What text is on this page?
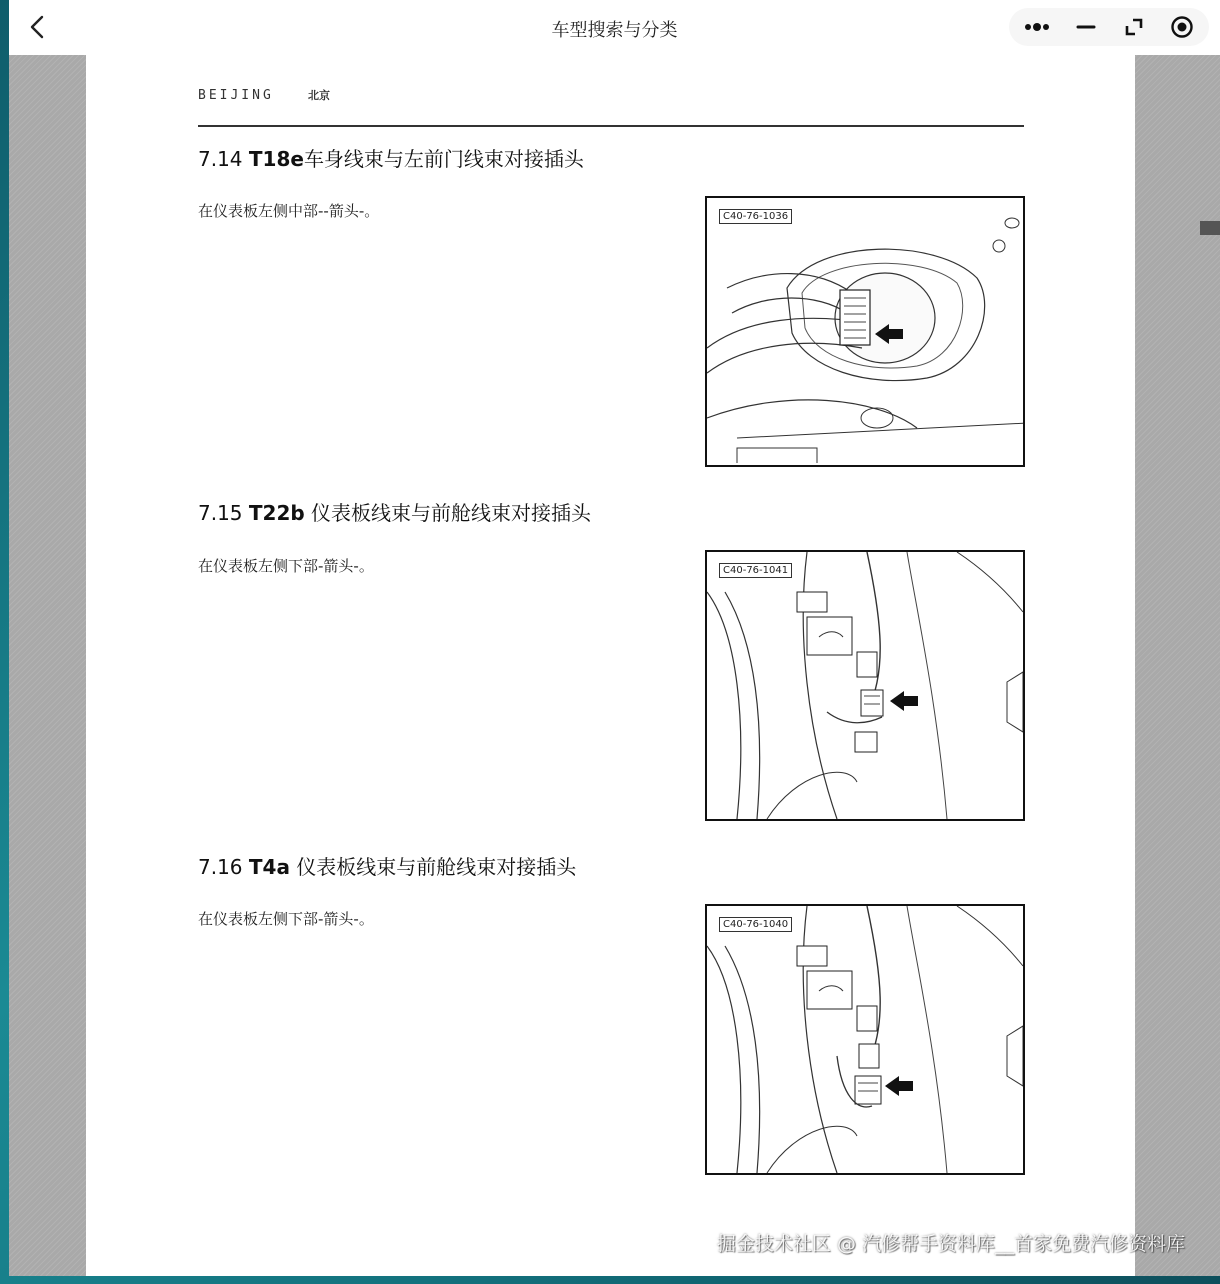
车型搜索与分类
BEIJING	北京
7.14 T18e车身线束与左前门线束对接插头
在仪表板左侧中部--箭头-。	C40-76-1036
7.15 T22b 仪表板线束与前舱线束对接插头
在仪表板左侧下部-箭头-。	C40-76-1041
7.16 T4a 仪表板线束与前舱线束对接插头
在仪表板左侧下部-箭头-。	C40-76-1040
掘金技术社区 @ 汽修帮手资料库__首家免费汽修资料库
